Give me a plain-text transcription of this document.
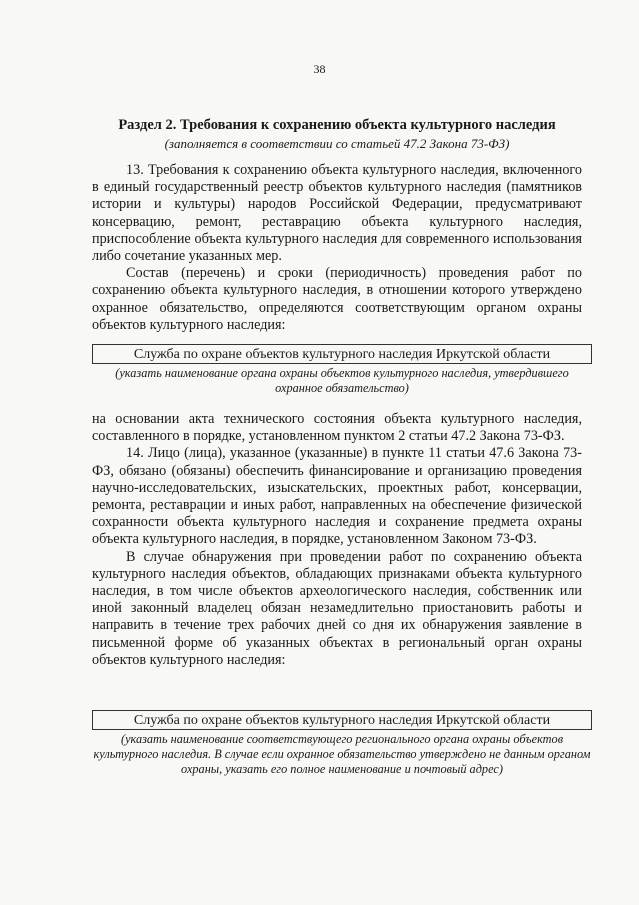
38
Раздел 2. Требования к сохранению объекта культурного наследия
(заполняется в соответствии со статьей 47.2 Закона 73-ФЗ)

13. Требования к сохранению объекта культурного наследия, включенного в единый государственный реестр объектов культурного наследия (памятников истории и культуры) народов Российской Федерации, предусматривают консервацию, ремонт, реставрацию объекта культурного наследия, приспособление объекта культурного наследия для современного использования либо сочетание указанных мер.

Состав (перечень) и сроки (периодичность) проведения работ по сохранению объекта культурного наследия, в отношении которого утверждено охранное обязательство, определяются соответствующим органом охраны объектов культурного наследия:

Служба по охране объектов культурного наследия Иркутской области
(указать наименование органа охраны объектов культурного наследия, утвердившего охранное обязательство)

на основании акта технического состояния объекта культурного наследия, составленного в порядке, установленном пунктом 2 статьи 47.2 Закона 73-ФЗ.

14. Лицо (лица), указанное (указанные) в пункте 11 статьи 47.6 Закона 73-ФЗ, обязано (обязаны) обеспечить финансирование и организацию проведения научно-исследовательских, изыскательских, проектных работ, консервации, ремонта, реставрации и иных работ, направленных на обеспечение физической сохранности объекта культурного наследия и сохранение предмета охраны объекта культурного наследия, в порядке, установленном Законом 73-ФЗ.

В случае обнаружения при проведении работ по сохранению объекта культурного наследия объектов, обладающих признаками объекта культурного наследия, в том числе объектов археологического наследия, собственник или иной законный владелец обязан незамедлительно приостановить работы и направить в течение трех рабочих дней со дня их обнаружения заявление в письменной форме об указанных объектах в региональный орган охраны объектов культурного наследия:

Служба по охране объектов культурного наследия Иркутской области
(указать наименование соответствующего регионального органа охраны объектов культурного наследия. В случае если охранное обязательство утверждено не данным органом охраны, указать его полное наименование и почтовый адрес)
